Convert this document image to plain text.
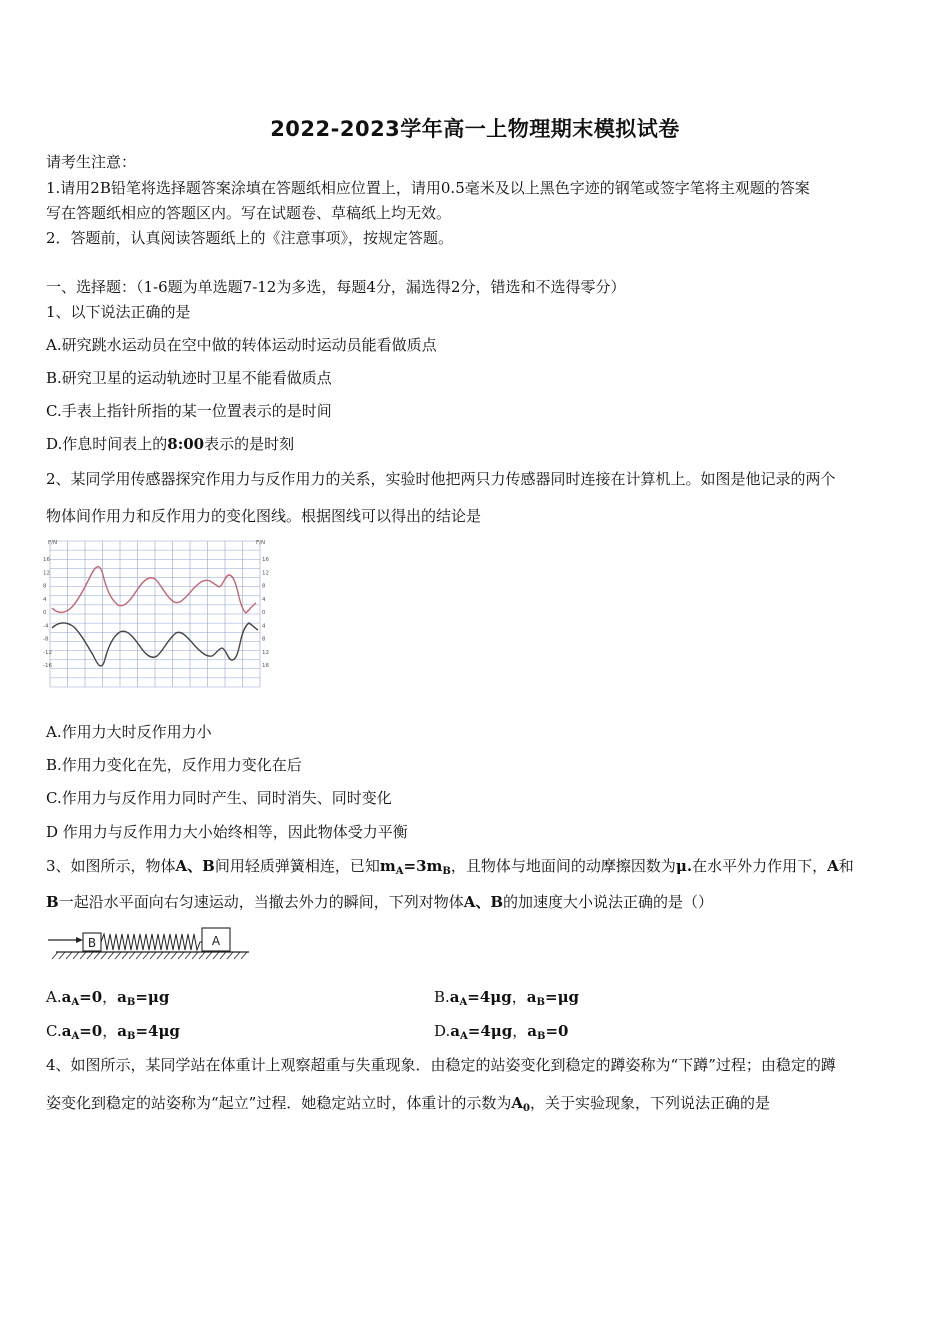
2022-2023学年高一上物理期末模拟试卷
请考生注意：
1.请用2B铅笔将选择题答案涂填在答题纸相应位置上，请用0.5毫米及以上黑色字迹的钢笔或签字笔将主观题的答案
写在答题纸相应的答题区内。写在试题卷、草稿纸上均无效。
2．答题前，认真阅读答题纸上的《注意事项》，按规定答题。
一、选择题：（1-6题为单选题7-12为多选，每题4分，漏选得2分，错选和不选得零分）
1、以下说法正确的是
A.研究跳水运动员在空中做的转体运动时运动员能看做质点
B.研究卫星的运动轨迹时卫星不能看做质点
C.手表上指针所指的某一位置表示的是时间
D.作息时间表上的8:00表示的是时刻
2、某同学用传感器探究作用力与反作用力的关系，实验时他把两只力传感器同时连接在计算机上。如图是他记录的两个
物体间作用力和反作用力的变化图线。根据图线可以得出的结论是
F/N	F/N
16
12
8
4
0
-4
-8
-12
-16
16
12
8
4
0
4
8
12
16
A.作用力大时反作用力小
B.作用力变化在先，反作用力变化在后
C.作用力与反作用力同时产生、同时消失、同时变化
D 作用力与反作用力大小始终相等，因此物体受力平衡
3、如图所示，物体A、B间用轻质弹簧相连，已知$m_A=3m_B$，且物体与地面间的动摩擦因数为μ.在水平外力作用下，A和
B一起沿水平面向右匀速运动，当撤去外力的瞬间，下列对物体A、B的加速度大小说法正确的是（）
B	A
$A.a_A=0$，$a_B=\mu g$	$B.a_A=4\mu g$，$a_B=\mu g$
$C.a_A=0$，$a_B=4\mu g$	$D.a_A=4\mu g$，$a_B=0$
4、如图所示，某同学站在体重计上观察超重与失重现象．由稳定的站姿变化到稳定的蹲姿称为“下蹲”过程；由稳定的蹲
姿变化到稳定的站姿称为“起立”过程．她稳定站立时，体重计的示数为$A_0$，关于实验现象，下列说法正确的是
